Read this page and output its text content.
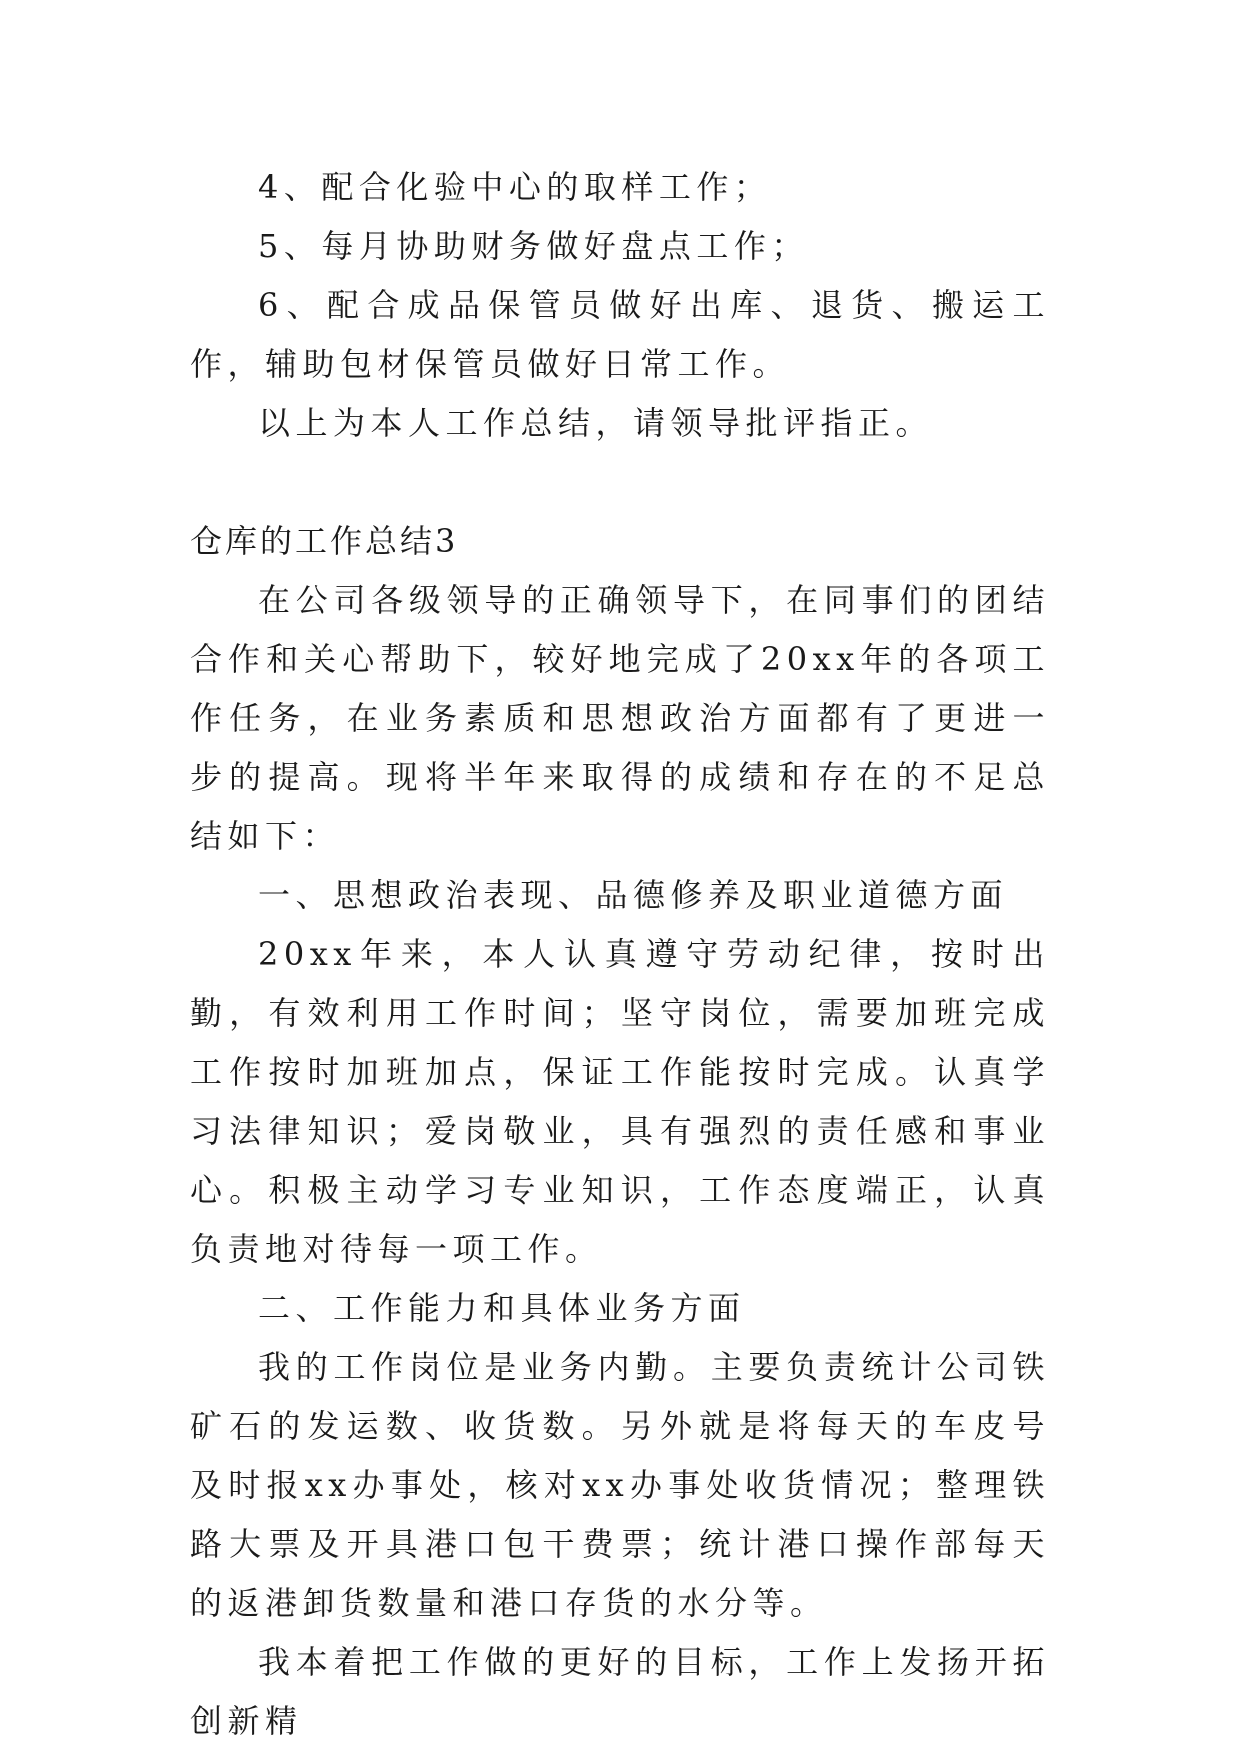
4、配合化验中心的取样工作；

5、每月协助财务做好盘点工作；

6、配合成品保管员做好出库、退货、搬运工作，辅助包材保管员做好日常工作。

以上为本人工作总结，请领导批评指正。

仓库的工作总结3

在公司各级领导的正确领导下，在同事们的团结合作和关心帮助下，较好地完成了20xx年的各项工作任务，在业务素质和思想政治方面都有了更进一步的提高。现将半年来取得的成绩和存在的不足总结如下：

一、思想政治表现、品德修养及职业道德方面

20xx年来，本人认真遵守劳动纪律，按时出勤，有效利用工作时间；坚守岗位，需要加班完成工作按时加班加点，保证工作能按时完成。认真学习法律知识；爱岗敬业，具有强烈的责任感和事业心。积极主动学习专业知识，工作态度端正，认真负责地对待每一项工作。

二、工作能力和具体业务方面

我的工作岗位是业务内勤。主要负责统计公司铁矿石的发运数、收货数。另外就是将每天的车皮号及时报xx办事处，核对xx办事处收货情况；整理铁路大票及开具港口包干费票；统计港口操作部每天的返港卸货数量和港口存货的水分等。

我本着把工作做的更好的目标，工作上发扬开拓创新精
